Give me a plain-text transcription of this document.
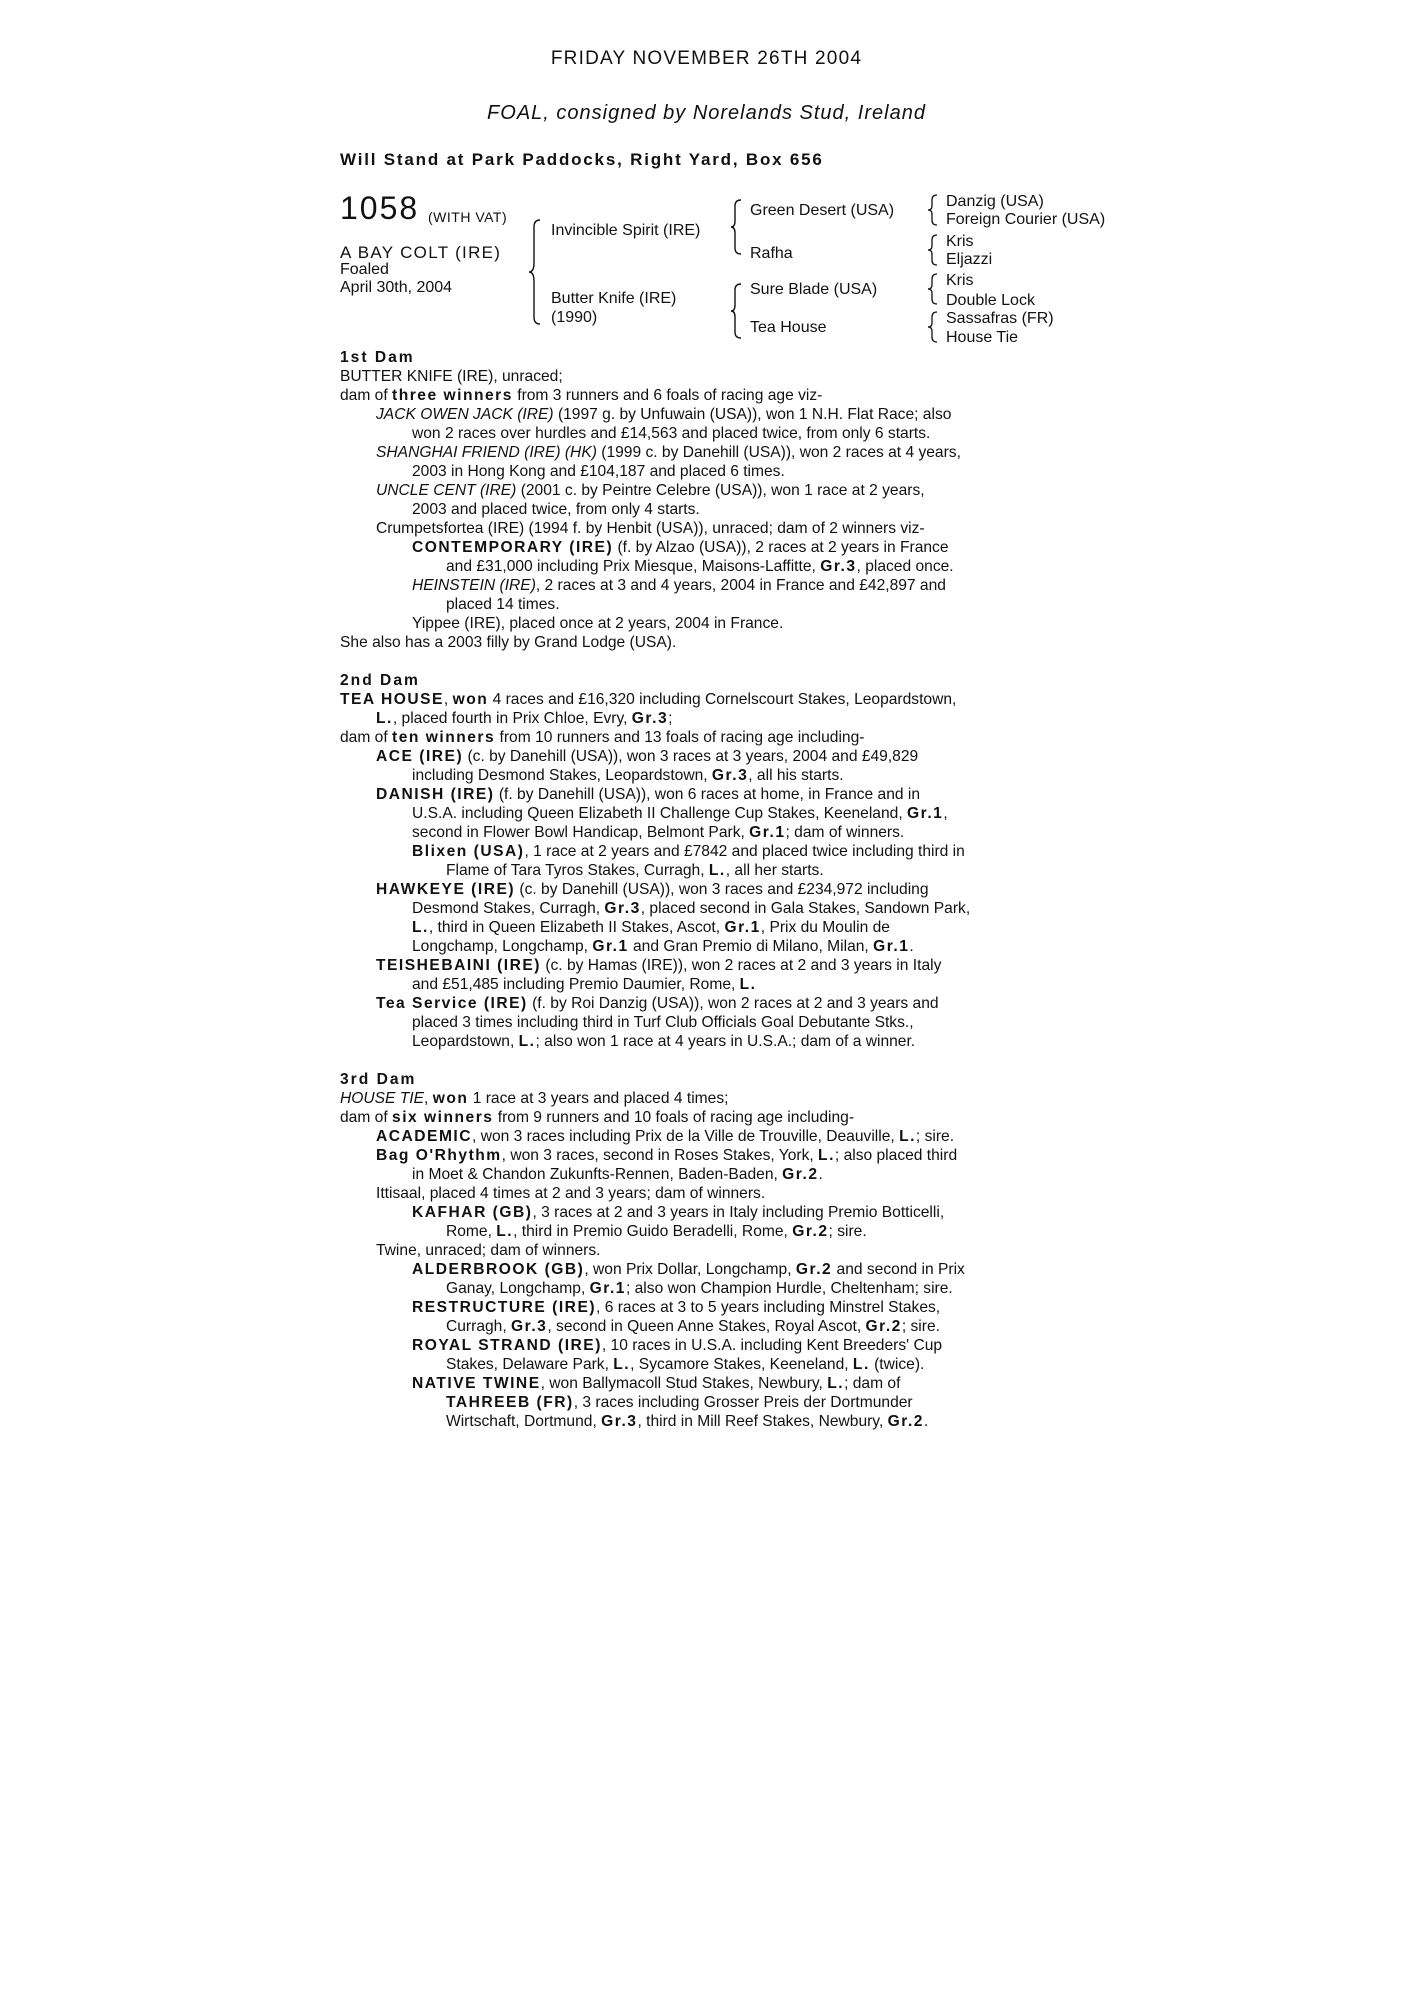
FRIDAY NOVEMBER 26TH 2004
FOAL, consigned by Norelands Stud, Ireland
Will Stand at Park Paddocks, Right Yard, Box 656
1058 (WITH VAT)
A BAY COLT (IRE)
Foaled
April 30th, 2004
Invincible Spirit (IRE)
Butter Knife (IRE)
(1990)
Green Desert (USA)
Rafha
Sure Blade (USA)
Tea House
Danzig (USA)
Foreign Courier (USA)
Kris
Eljazzi
Kris
Double Lock
Sassafras (FR)
House Tie
1st Dam
BUTTER KNIFE (IRE), unraced;
dam of three winners from 3 runners and 6 foals of racing age viz-
JACK OWEN JACK (IRE) (1997 g. by Unfuwain (USA)), won 1 N.H. Flat Race; also
won 2 races over hurdles and £14,563 and placed twice, from only 6 starts.
SHANGHAI FRIEND (IRE) (HK) (1999 c. by Danehill (USA)), won 2 races at 4 years,
2003 in Hong Kong and £104,187 and placed 6 times.
UNCLE CENT (IRE) (2001 c. by Peintre Celebre (USA)), won 1 race at 2 years,
2003 and placed twice, from only 4 starts.
Crumpetsfortea (IRE) (1994 f. by Henbit (USA)), unraced; dam of 2 winners viz-
CONTEMPORARY (IRE) (f. by Alzao (USA)), 2 races at 2 years in France
and £31,000 including Prix Miesque, Maisons-Laffitte, Gr.3, placed once.
HEINSTEIN (IRE), 2 races at 3 and 4 years, 2004 in France and £42,897 and
placed 14 times.
Yippee (IRE), placed once at 2 years, 2004 in France.
She also has a 2003 filly by Grand Lodge (USA).
2nd Dam
TEA HOUSE, won 4 races and £16,320 including Cornelscourt Stakes, Leopardstown,
L., placed fourth in Prix Chloe, Evry, Gr.3;
dam of ten winners from 10 runners and 13 foals of racing age including-
ACE (IRE) (c. by Danehill (USA)), won 3 races at 3 years, 2004 and £49,829
including Desmond Stakes, Leopardstown, Gr.3, all his starts.
DANISH (IRE) (f. by Danehill (USA)), won 6 races at home, in France and in
U.S.A. including Queen Elizabeth II Challenge Cup Stakes, Keeneland, Gr.1,
second in Flower Bowl Handicap, Belmont Park, Gr.1; dam of winners.
Blixen (USA), 1 race at 2 years and £7842 and placed twice including third in
Flame of Tara Tyros Stakes, Curragh, L., all her starts.
HAWKEYE (IRE) (c. by Danehill (USA)), won 3 races and £234,972 including
Desmond Stakes, Curragh, Gr.3, placed second in Gala Stakes, Sandown Park,
L., third in Queen Elizabeth II Stakes, Ascot, Gr.1, Prix du Moulin de
Longchamp, Longchamp, Gr.1 and Gran Premio di Milano, Milan, Gr.1.
TEISHEBAINI (IRE) (c. by Hamas (IRE)), won 2 races at 2 and 3 years in Italy
and £51,485 including Premio Daumier, Rome, L.
Tea Service (IRE) (f. by Roi Danzig (USA)), won 2 races at 2 and 3 years and
placed 3 times including third in Turf Club Officials Goal Debutante Stks.,
Leopardstown, L.; also won 1 race at 4 years in U.S.A.; dam of a winner.
3rd Dam
HOUSE TIE, won 1 race at 3 years and placed 4 times;
dam of six winners from 9 runners and 10 foals of racing age including-
ACADEMIC, won 3 races including Prix de la Ville de Trouville, Deauville, L.; sire.
Bag O'Rhythm, won 3 races, second in Roses Stakes, York, L.; also placed third
in Moet & Chandon Zukunfts-Rennen, Baden-Baden, Gr.2.
Ittisaal, placed 4 times at 2 and 3 years; dam of winners.
KAFHAR (GB), 3 races at 2 and 3 years in Italy including Premio Botticelli,
Rome, L., third in Premio Guido Beradelli, Rome, Gr.2; sire.
Twine, unraced; dam of winners.
ALDERBROOK (GB), won Prix Dollar, Longchamp, Gr.2 and second in Prix
Ganay, Longchamp, Gr.1; also won Champion Hurdle, Cheltenham; sire.
RESTRUCTURE (IRE), 6 races at 3 to 5 years including Minstrel Stakes,
Curragh, Gr.3, second in Queen Anne Stakes, Royal Ascot, Gr.2; sire.
ROYAL STRAND (IRE), 10 races in U.S.A. including Kent Breeders' Cup
Stakes, Delaware Park, L., Sycamore Stakes, Keeneland, L. (twice).
NATIVE TWINE, won Ballymacoll Stud Stakes, Newbury, L.; dam of
TAHREEB (FR), 3 races including Grosser Preis der Dortmunder
Wirtschaft, Dortmund, Gr.3, third in Mill Reef Stakes, Newbury, Gr.2.
